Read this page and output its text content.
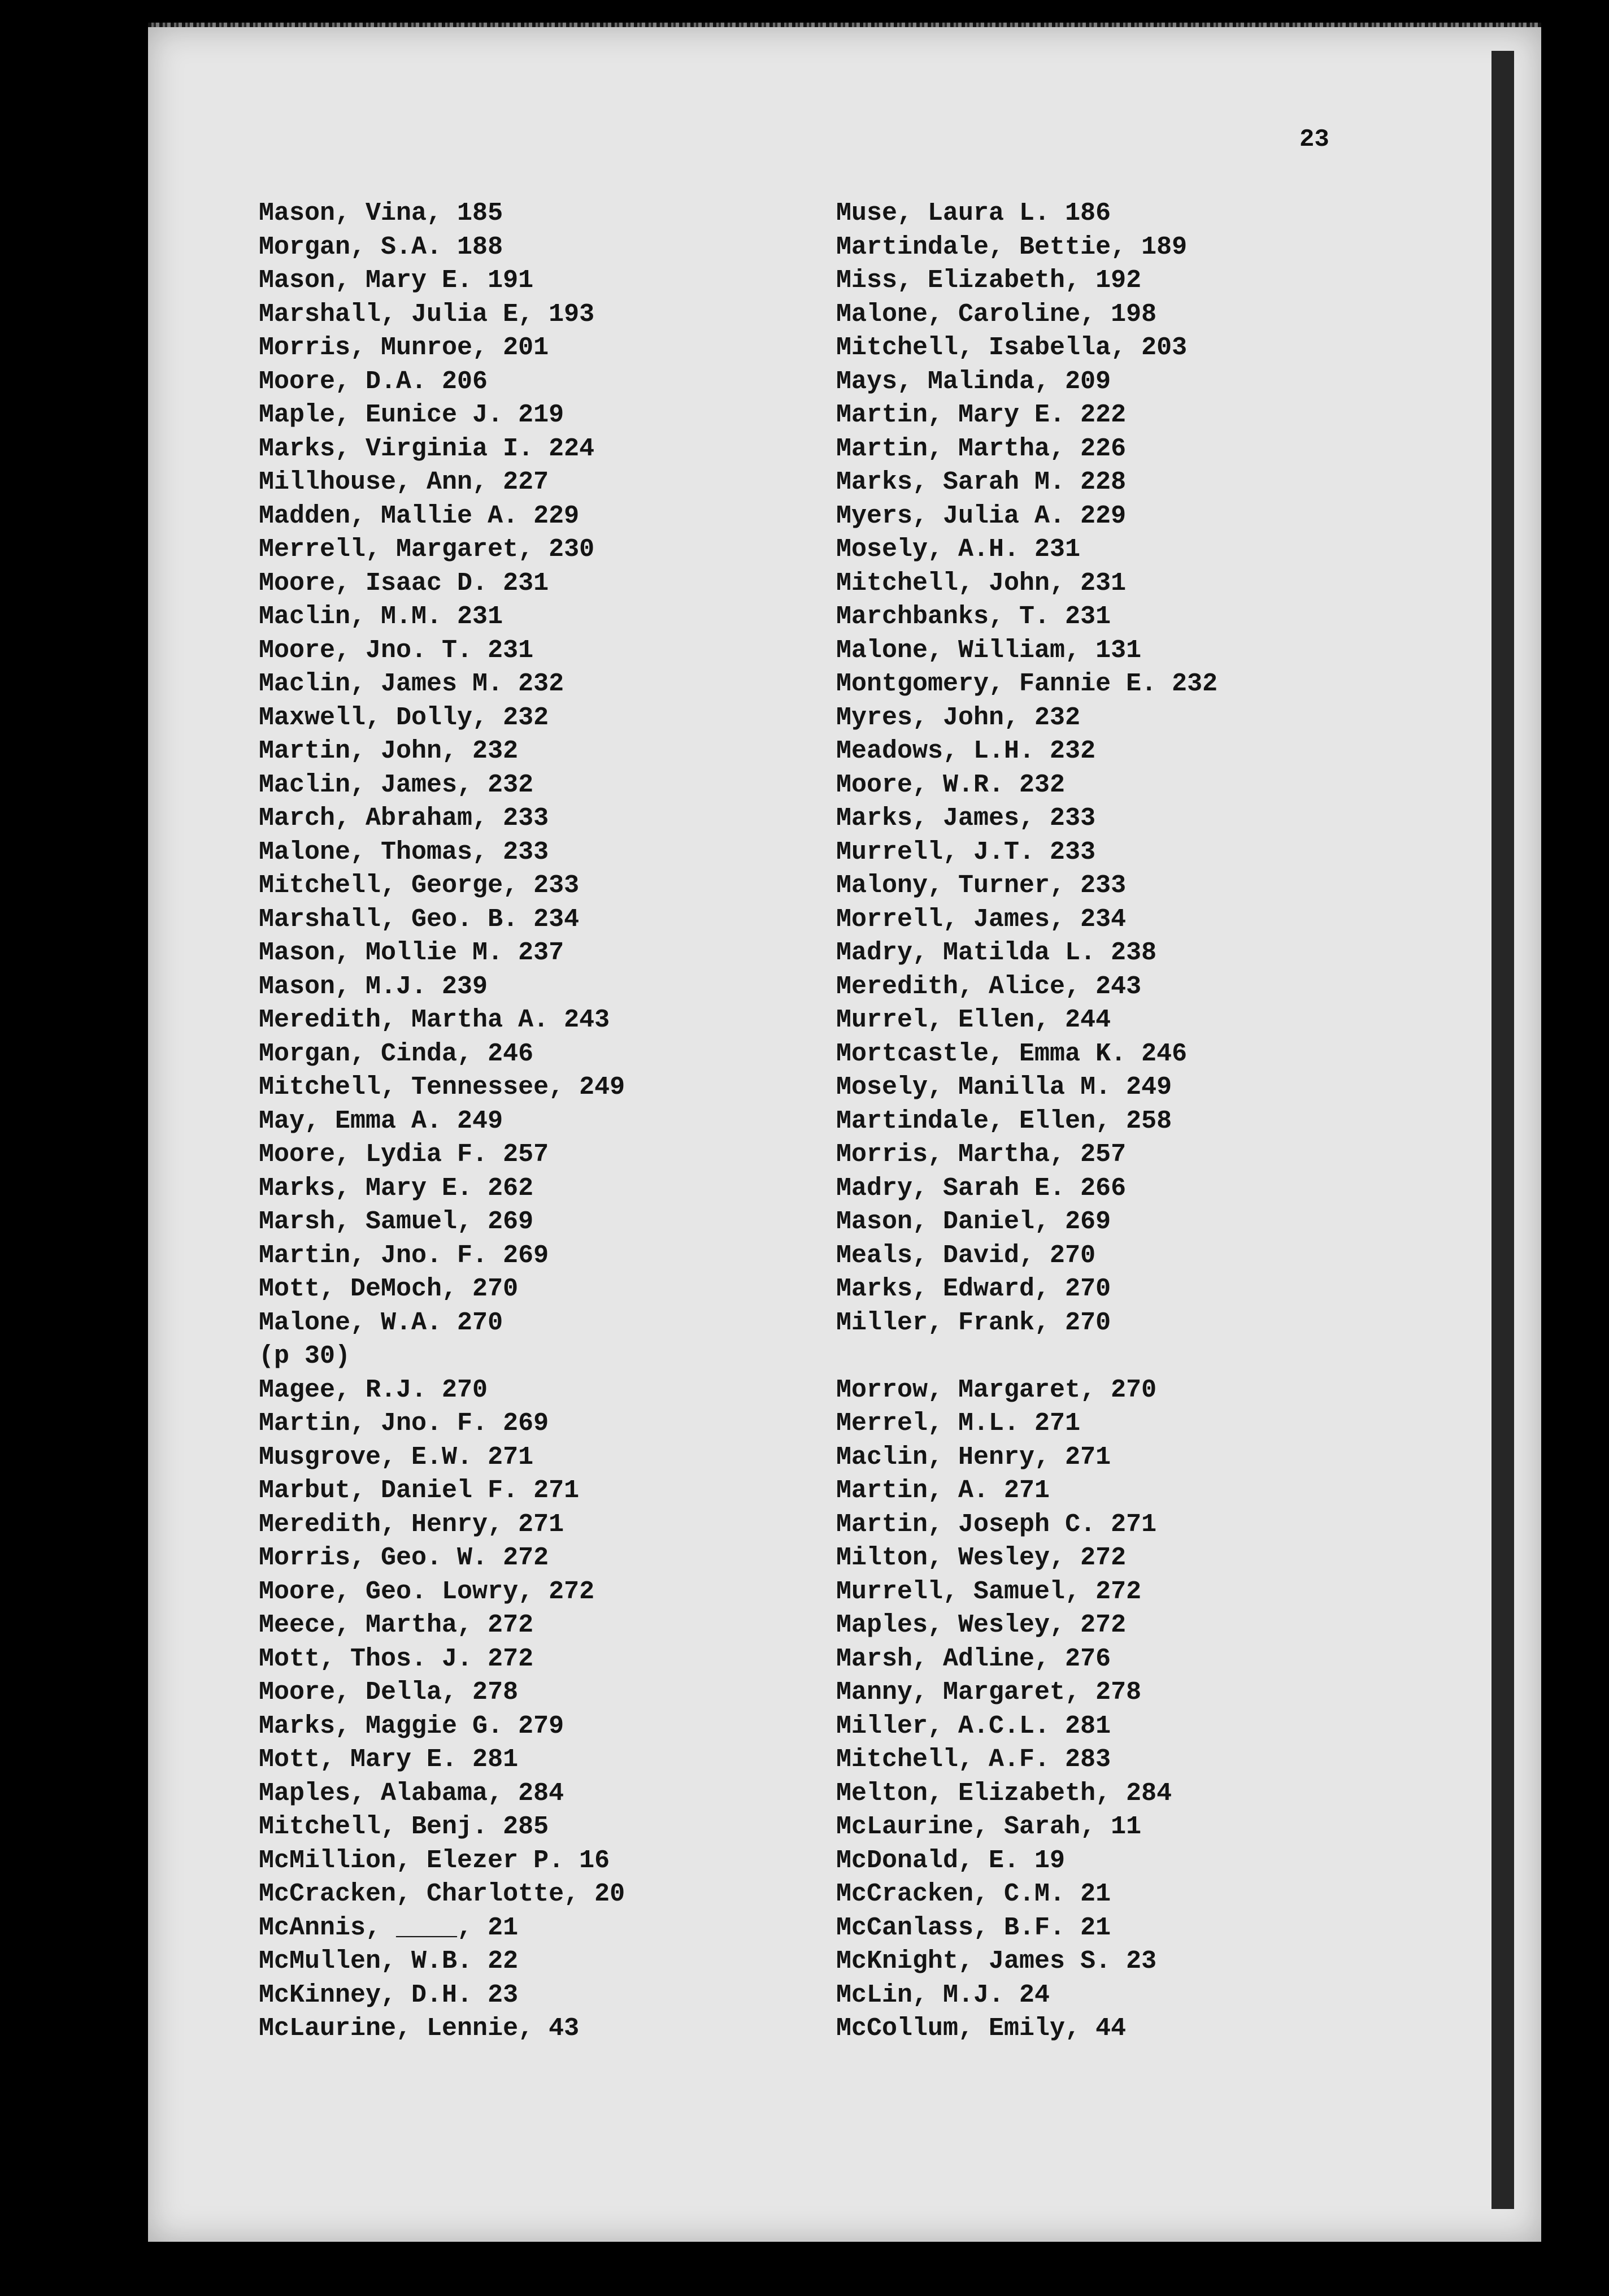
23
Mason, Vina, 185
Morgan, S.A. 188
Mason, Mary E. 191
Marshall, Julia E, 193
Morris, Munroe, 201
Moore, D.A. 206
Maple, Eunice J. 219
Marks, Virginia I. 224
Millhouse, Ann, 227
Madden, Mallie A. 229
Merrell, Margaret, 230
Moore, Isaac D. 231
Maclin, M.M. 231
Moore, Jno. T. 231
Maclin, James M. 232
Maxwell, Dolly, 232
Martin, John, 232
Maclin, James, 232
March, Abraham, 233
Malone, Thomas, 233
Mitchell, George, 233
Marshall, Geo. B. 234
Mason, Mollie M. 237
Mason, M.J. 239
Meredith, Martha A. 243
Morgan, Cinda, 246
Mitchell, Tennessee, 249
May, Emma A. 249
Moore, Lydia F. 257
Marks, Mary E. 262
Marsh, Samuel, 269
Martin, Jno. F. 269
Mott, DeMoch, 270
Malone, W.A. 270
(p 30)
Magee, R.J. 270
Martin, Jno. F. 269
Musgrove, E.W. 271
Marbut, Daniel F. 271
Meredith, Henry, 271
Morris, Geo. W. 272
Moore, Geo. Lowry, 272
Meece, Martha, 272
Mott, Thos. J. 272
Moore, Della, 278
Marks, Maggie G. 279
Mott, Mary E. 281
Maples, Alabama, 284
Mitchell, Benj. 285
McMillion, Elezer P. 16
McCracken, Charlotte, 20
McAnnis, ____, 21
McMullen, W.B. 22
McKinney, D.H. 23
McLaurine, Lennie, 43
Muse, Laura L. 186
Martindale, Bettie, 189
Miss, Elizabeth, 192
Malone, Caroline, 198
Mitchell, Isabella, 203
Mays, Malinda, 209
Martin, Mary E. 222
Martin, Martha, 226
Marks, Sarah M. 228
Myers, Julia A. 229
Mosely, A.H. 231
Mitchell, John, 231
Marchbanks, T. 231
Malone, William, 131
Montgomery, Fannie E. 232
Myres, John, 232
Meadows, L.H. 232
Moore, W.R. 232
Marks, James, 233
Murrell, J.T. 233
Malony, Turner, 233
Morrell, James, 234
Madry, Matilda L. 238
Meredith, Alice, 243
Murrel, Ellen, 244
Mortcastle, Emma K. 246
Mosely, Manilla M. 249
Martindale, Ellen, 258
Morris, Martha, 257
Madry, Sarah E. 266
Mason, Daniel, 269
Meals, David, 270
Marks, Edward, 270
Miller, Frank, 270
Morrow, Margaret, 270
Merrel, M.L. 271
Maclin, Henry, 271
Martin, A. 271
Martin, Joseph C. 271
Milton, Wesley, 272
Murrell, Samuel, 272
Maples, Wesley, 272
Marsh, Adline, 276
Manny, Margaret, 278
Miller, A.C.L. 281
Mitchell, A.F. 283
Melton, Elizabeth, 284
McLaurine, Sarah, 11
McDonald, E. 19
McCracken, C.M. 21
McCanlass, B.F. 21
McKnight, James S. 23
McLin, M.J. 24
McCollum, Emily, 44
